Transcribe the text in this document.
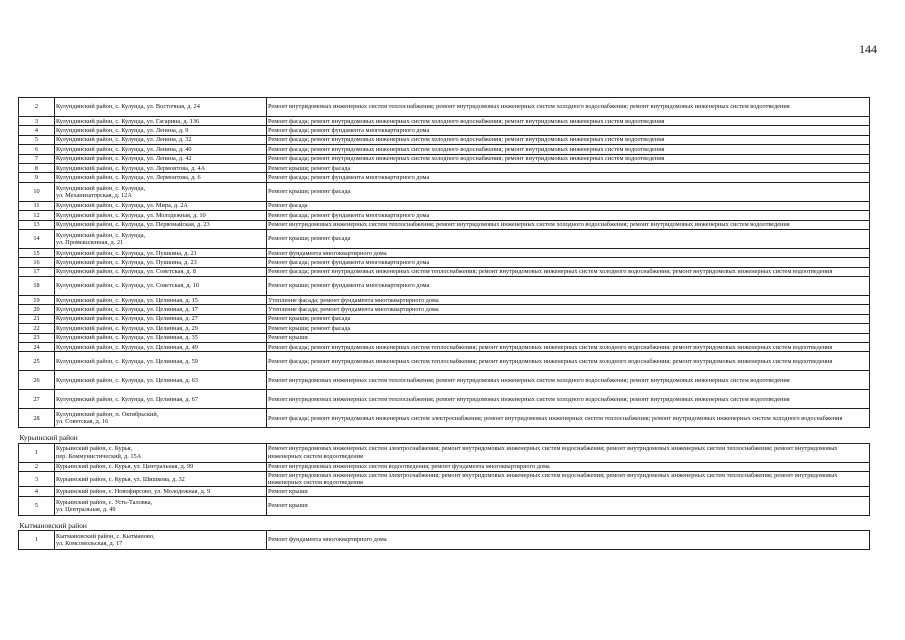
144
2	Кулундинский район, с. Кулунда, ул. Восточная, д. 24	Ремонт внутридомовых инженерных систем теплоснабжения; ремонт внутридомовых инженерных систем холодного водоснабжения; ремонт внутридомовых инженерных систем водоотведения
3	Кулундинский район, с. Кулунда, ул. Гагарина, д. 136	Ремонт фасада; ремонт внутридомовых инженерных систем холодного водоснабжения; ремонт внутридомовых инженерных систем водоотведения
4	Кулундинский район, с. Кулунда, ул. Ленина, д. 9	Ремонт фасада; ремонт фундамента многоквартирного дома
5	Кулундинский район, с. Кулунда, ул. Ленина, д. 32	Ремонт фасада; ремонт внутридомовых инженерных систем холодного водоснабжения; ремонт внутридомовых инженерных систем водоотведения
6	Кулундинский район, с. Кулунда, ул. Ленина, д. 40	Ремонт фасада; ремонт внутридомовых инженерных систем холодного водоснабжения; ремонт внутридомовых инженерных систем водоотведения
7	Кулундинский район, с. Кулунда, ул. Ленина, д. 42	Ремонт фасада; ремонт внутридомовых инженерных систем холодного водоснабжения; ремонт внутридомовых инженерных систем водоотведения
8	Кулундинский район, с. Кулунда, ул. Лермонтова, д. 4А	Ремонт крыши; ремонт фасада
9	Кулундинский район, с. Кулунда, ул. Лермонтова, д. 6	Ремонт фасада; ремонт фундамента многоквартирного дома
10	Кулундинский район, с. Кулунда,
ул. Механизаторская, д. 12А	Ремонт крыши; ремонт фасада
11	Кулундинский район, с. Кулунда, ул. Мира, д. 2А	Ремонт фасада
12	Кулундинский район, с. Кулунда, ул. Молодежная, д. 10	Ремонт фасада; ремонт фундамента многоквартирного дома
13	Кулундинский район, с. Кулунда, ул. Первомайская, д. 23	Ремонт внутридомовых инженерных систем теплоснабжения; ремонт внутридомовых инженерных систем холодного водоснабжения; ремонт внутридомовых инженерных систем водоотведения
14	Кулундинский район, с. Кулунда,
ул. Промышленная, д. 21	Ремонт крыши; ремонт фасада
15	Кулундинский район, с. Кулунда, ул. Пушкина, д. 21	Ремонт фундамента многоквартирного дома
16	Кулундинский район, с. Кулунда, ул. Пушкина, д. 23	Ремонт фасада; ремонт фундамента многоквартирного дома
17	Кулундинский район, с. Кулунда, ул. Советская, д. 8	Ремонт фасада; ремонт внутридомовых инженерных систем теплоснабжения; ремонт внутридомовых инженерных систем холодного водоснабжения; ремонт внутридомовых инженерных систем водоотведения
18	Кулундинский район, с. Кулунда, ул. Советская, д. 10	Ремонт крыши; ремонт фундамента многоквартирного дома
19	Кулундинский район, с. Кулунда, ул. Целинная, д. 15	Утепление фасада; ремонт фундамента многоквартирного дома
20	Кулундинский район, с. Кулунда, ул. Целинная, д. 17	Утепление фасада; ремонт фундамента многоквартирного дома
21	Кулундинский район, с. Кулунда, ул. Целинная, д. 27	Ремонт крыши; ремонт фасада
22	Кулундинский район, с. Кулунда, ул. Целинная, д. 29	Ремонт крыши; ремонт фасада
23	Кулундинский район, с. Кулунда, ул. Целинная, д. 35	Ремонт крыши
24	Кулундинский район, с. Кулунда, ул. Целинная, д. 49	Ремонт фасада; ремонт внутридомовых инженерных систем теплоснабжения; ремонт внутридомовых инженерных систем холодного водоснабжения; ремонт внутридомовых инженерных систем водоотведения
25	Кулундинский район, с. Кулунда, ул. Целинная, д. 59	Ремонт фасада; ремонт внутридомовых инженерных систем теплоснабжения; ремонт внутридомовых инженерных систем холодного водоснабжения; ремонт внутридомовых инженерных систем водоотведения
26	Кулундинский район, с. Кулунда, ул. Целинная, д. 63	Ремонт внутридомовых инженерных систем теплоснабжения; ремонт внутридомовых инженерных систем холодного водоснабжения; ремонт внутридомовых инженерных систем водоотведения
27	Кулундинский район, с. Кулунда, ул. Целинная, д. 67	Ремонт внутридомовых инженерных систем теплоснабжения; ремонт внутридомовых инженерных систем холодного водоснабжения; ремонт внутридомовых инженерных систем водоотведения
28	Кулундинский район, п. Октябрьский,
ул. Советская, д. 16	Ремонт фасада; ремонт внутридомовых инженерных систем электроснабжения; ремонт внутридомовых инженерных систем теплоснабжения; ремонт внутридомовых инженерных систем холодного водоснабжения
Курьинский район		
1	Курьинский район, с. Курья,
пер. Коммунистический, д. 15А	Ремонт внутридомовых инженерных систем электроснабжения; ремонт внутридомовых инженерных систем водоснабжения; ремонт внутридомовых инженерных систем теплоснабжения; ремонт внутридомовых инженерных систем водоотведения
2	Курьинский район, с. Курья, ул. Центральная, д. 99	Ремонт внутридомовых инженерных систем водоотведения; ремонт фундамента многоквартирного дома
3	Курьинский район, с. Курья, ул. Шишкова, д. 32	Ремонт внутридомовых инженерных систем электроснабжения; ремонт внутридомовых инженерных систем водоснабжения; ремонт внутридомовых инженерных систем теплоснабжения; ремонт внутридомовых инженерных систем водоотведения
4	Курьинский район, с. Новофирсово, ул. Молодежная, д. 9	Ремонт крыши
5	Курьинский район, с. Усть-Таловка,
ул. Центральная, д. 49	Ремонт крыши
Кытмановский район		
1	Кытмановский район, с. Кытманово,
ул. Комсомольская, д. 17	Ремонт фундамента многоквартирного дома
